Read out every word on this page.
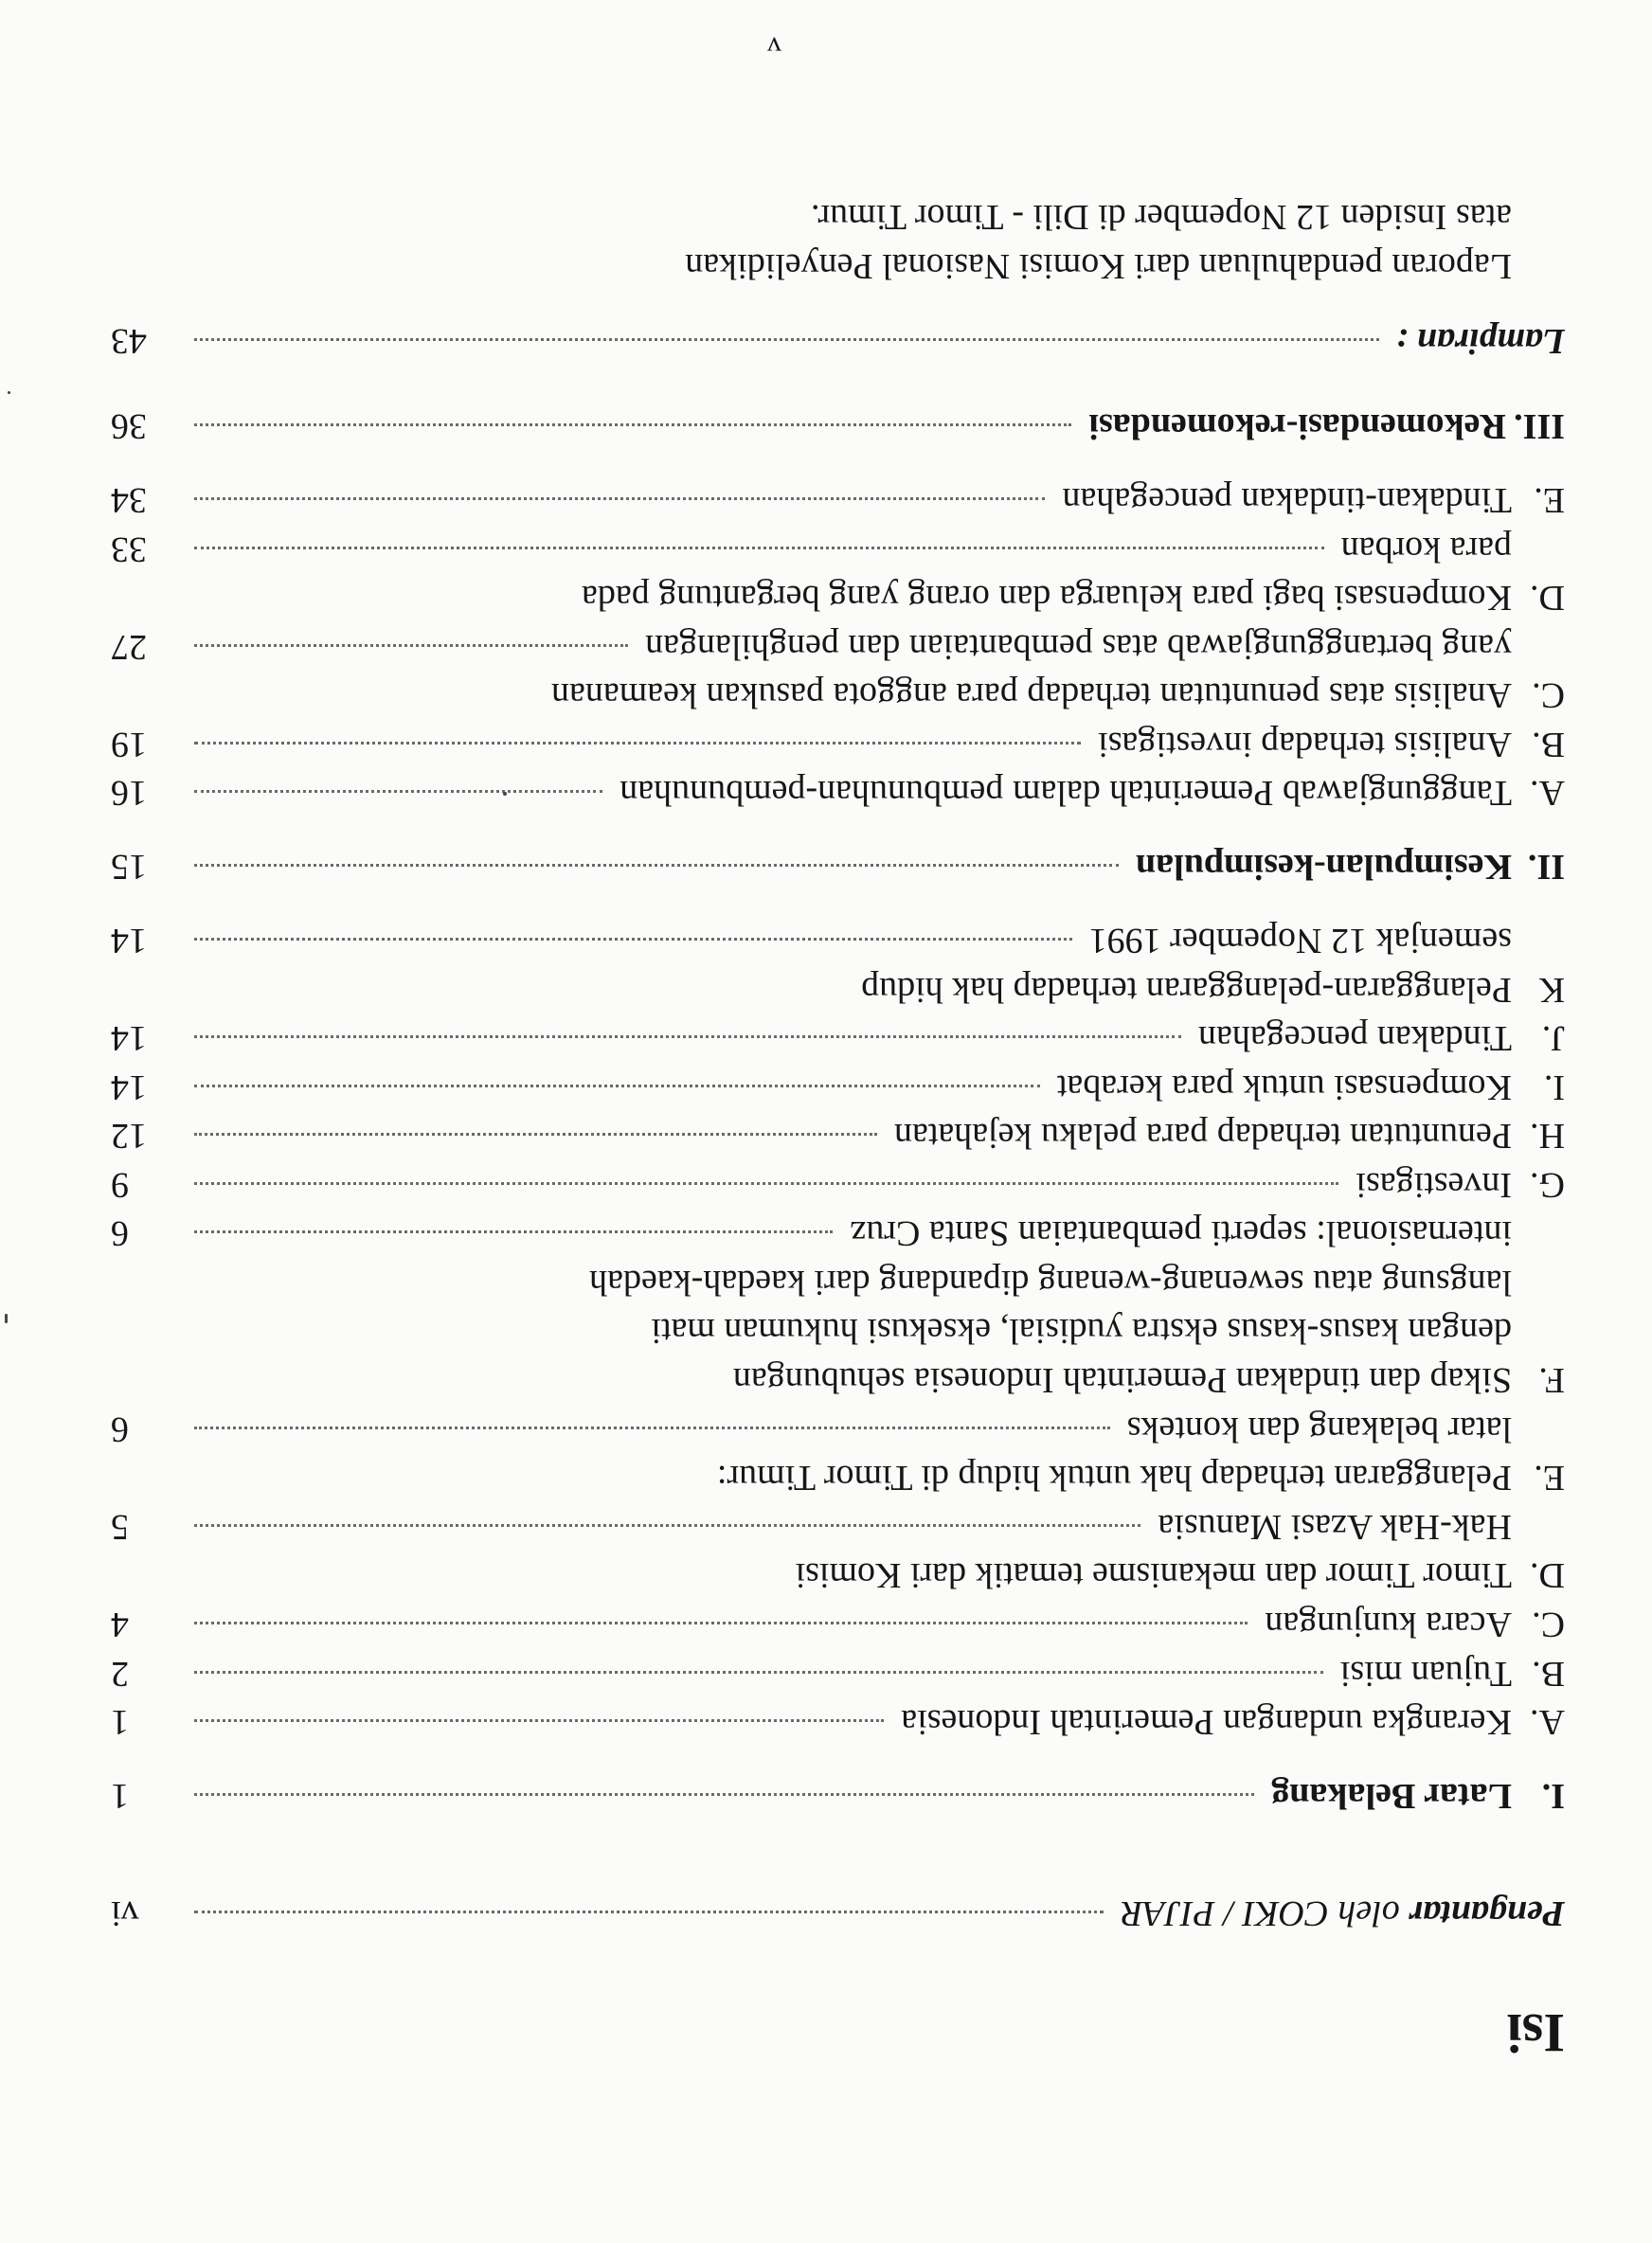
Isi
Pengantar oleh COKI / PIJAR
vi
I.
Latar Belakang
1
A.
Kerangka undangan Pemerintah Indonesia
1
B.
Tujuan misi
2
C.
Acara kunjungan
4
D.
Timor Timor dan mekanisme tematik dari Komisi
Hak-Hak Azasi Manusia
5
E.
Pelanggaran terhadap hak untuk hidup di Timor Timur:
latar belakang dan konteks
6
F.
Sikap dan tindakan Pemerintah Indonesia sehubungan
dengan kasus-kasus ekstra yudisial, eksekusi hukuman mati
langsung atau sewenang-wenang dipandang dari kaedah-kaedah
internasional: seperti pembantaian Santa Cruz
6
G.
Investigasi
9
H.
Penuntutan terhadap para pelaku kejahatan
12
I.
Kompensasi untuk para kerabat
14
J.
Tindakan pencegahan
14
K
Pelanggaran-pelanggaran terhadap hak hidup
semenjak 12 Nopember 1991
14
II.
Kesimpulan-kesimpulan
15
A.
Tanggungjawab Pemerintah dalam pembunuhan-pembunuhan
16
B.
Analisis terhadap investigasi
19
C.
Analisis atas penuntutan terhadap para anggota pasukan keamanan
yang bertanggungjawab atas pembantaian dan penghilangan
27
D.
Kompensasi bagi para keluarga dan orang yang bergantung pada
para korban
33
E.
Tindakan-tindakan pencegahan
34
III.
Rekomendasi-rekomendasi
36
Lampiran :
43
Laporan pendahuluan dari Komisi Nasional Penyelidikan
atas Insiden 12 Nopember di Dili - Timor Timur.
v
